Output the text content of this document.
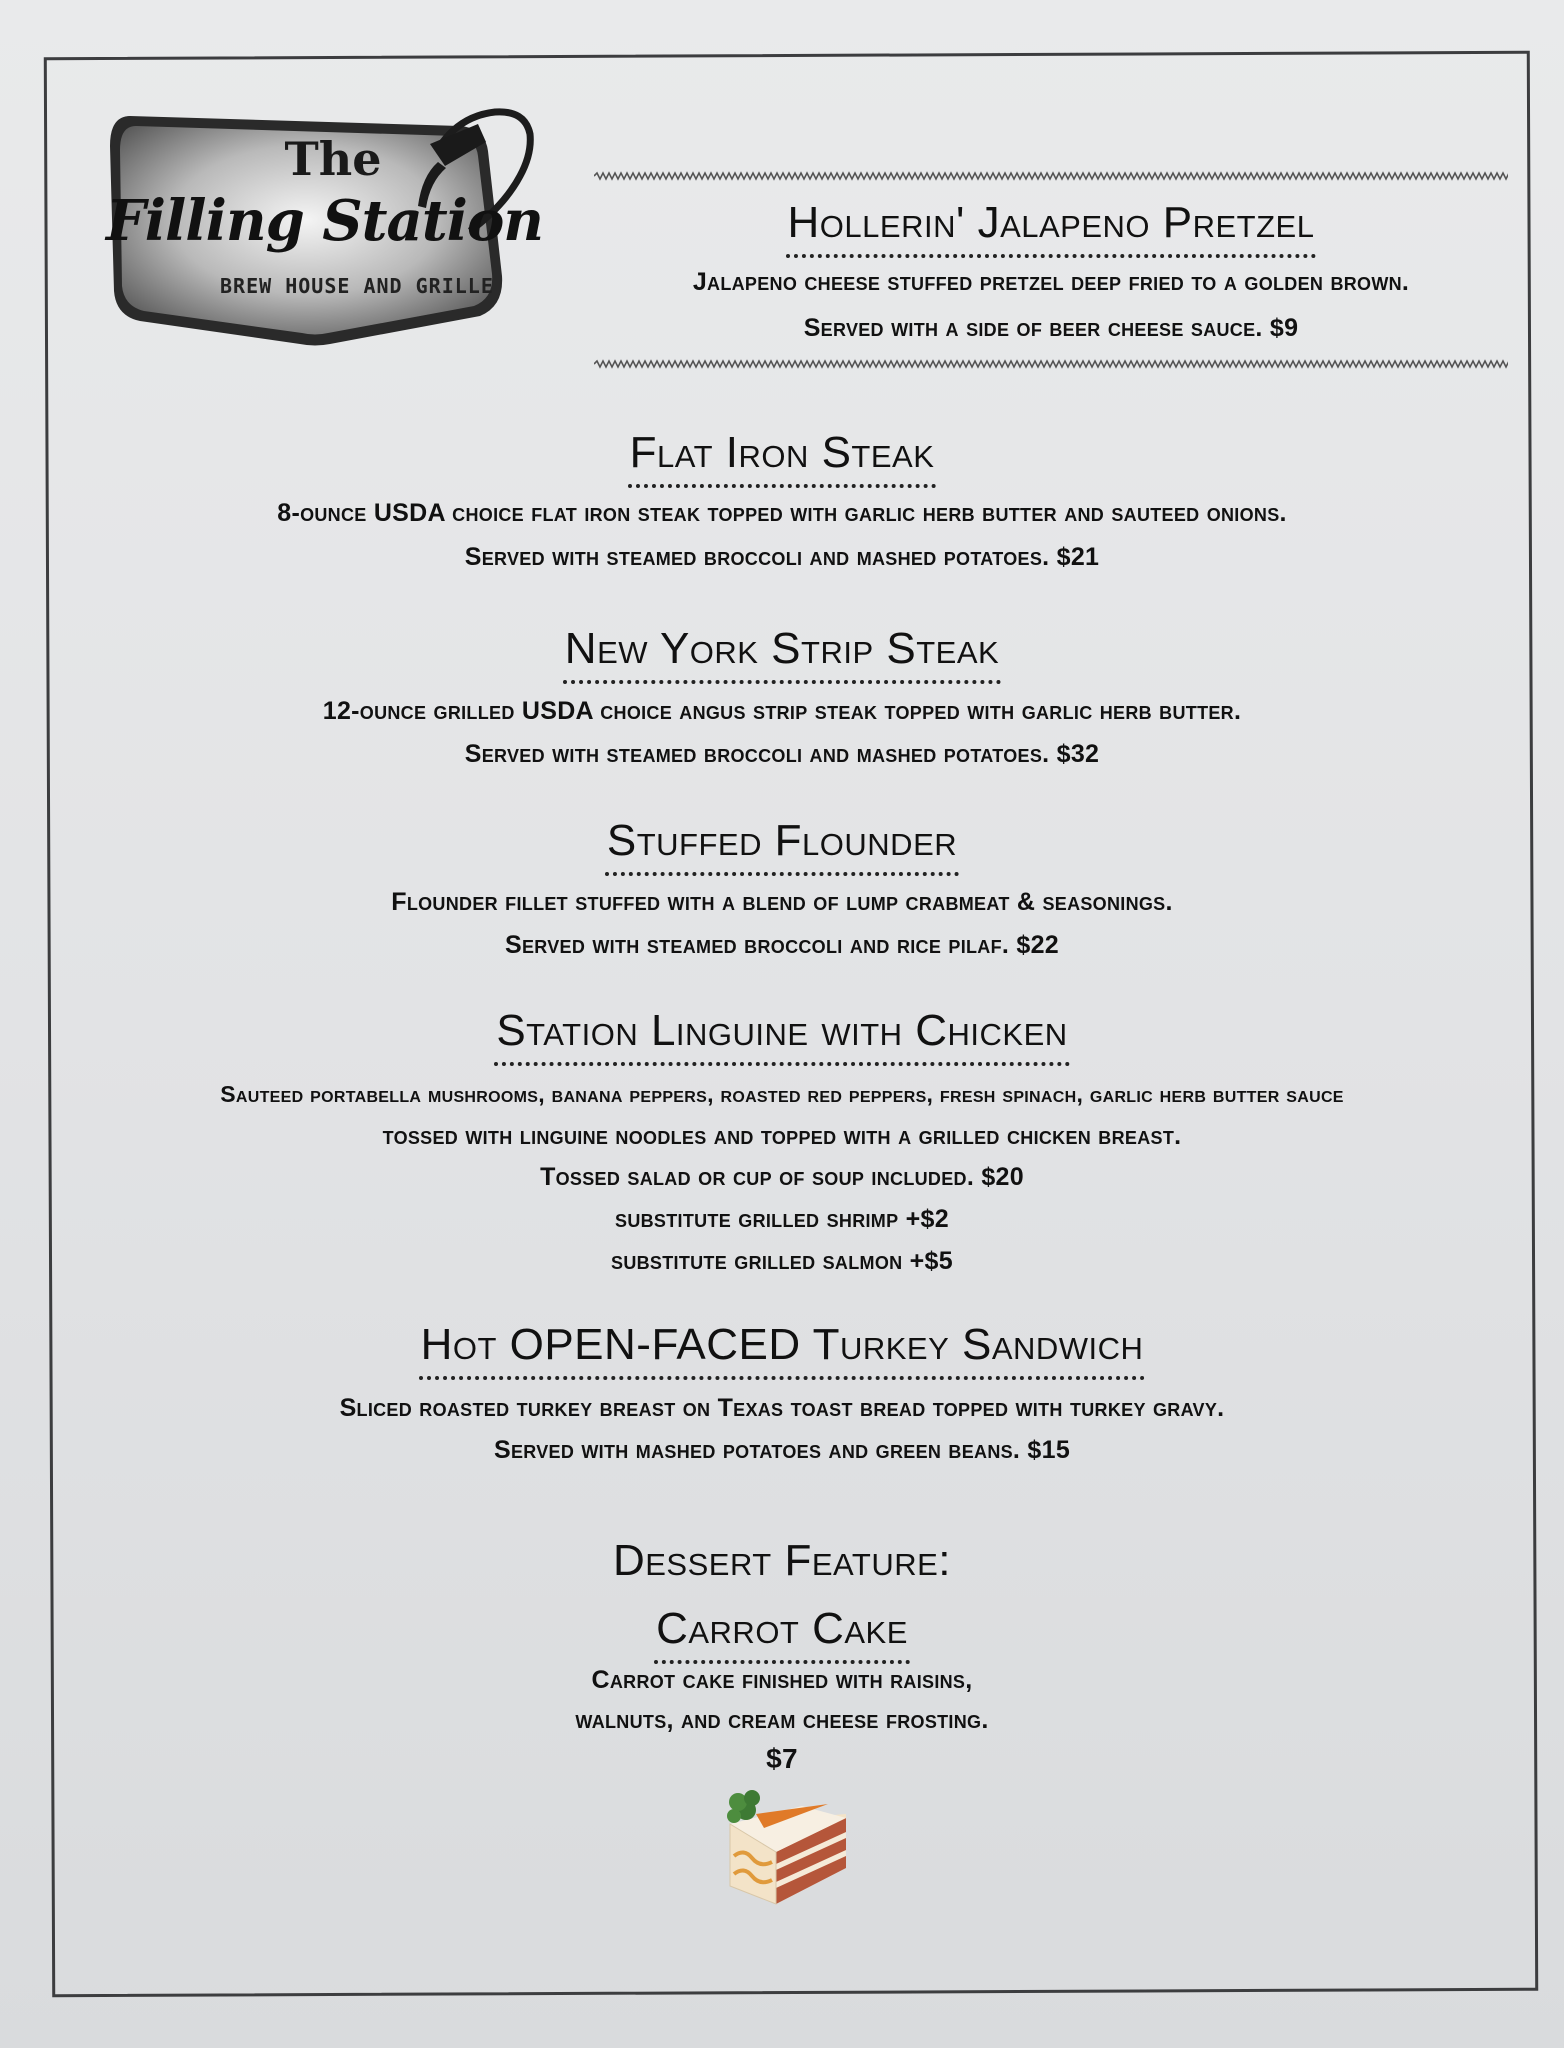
The
Filling Station
BREW HOUSE AND GRILLE
Hollerin' Jalapeno Pretzel
Jalapeno cheese stuffed pretzel deep fried to a golden brown.
Served with a side of beer cheese sauce. $9
Flat Iron Steak
8-ounce USDA choice flat iron steak topped with garlic herb butter and sauteed onions.
Served with steamed broccoli and mashed potatoes. $21
New York Strip Steak
12-ounce grilled USDA choice angus strip steak topped with garlic herb butter.
Served with steamed broccoli and mashed potatoes. $32
Stuffed Flounder
Flounder fillet stuffed with a blend of lump crabmeat & seasonings.
Served with steamed broccoli and rice pilaf. $22
Station Linguine with Chicken
Sauteed portabella mushrooms, banana peppers, roasted red peppers, fresh spinach, garlic herb butter sauce
tossed with linguine noodles and topped with a grilled chicken breast.
Tossed salad or cup of soup included. $20
substitute grilled shrimp +$2
substitute grilled salmon +$5
Hot OPEN-FACED Turkey Sandwich
Sliced roasted turkey breast on Texas toast bread topped with turkey gravy.
Served with mashed potatoes and green beans. $15
Dessert Feature:
Carrot Cake
Carrot cake finished with raisins,
walnuts, and cream cheese frosting.
$7
